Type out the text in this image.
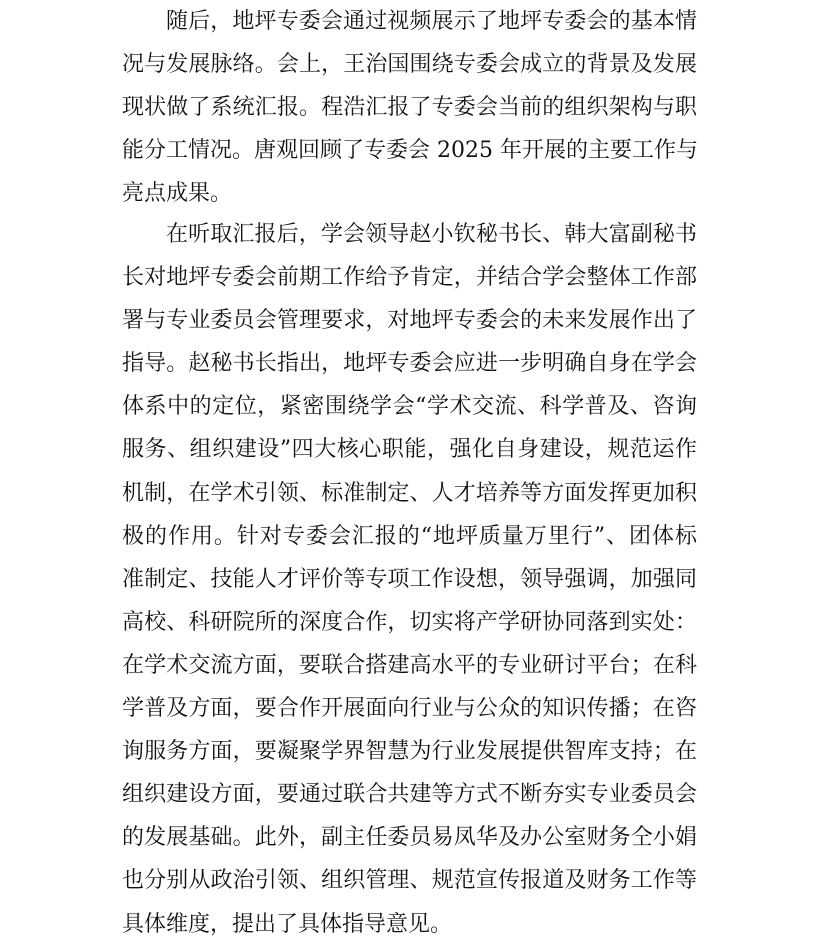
随后，地坪专委会通过视频展示了地坪专委会的基本情
况与发展脉络。会上，王治国围绕专委会成立的背景及发展
现状做了系统汇报。程浩汇报了专委会当前的组织架构与职
能分工情况。唐观回顾了专委会 2025 年开展的主要工作与
亮点成果。
在听取汇报后，学会领导赵小钦秘书长、韩大富副秘书
长对地坪专委会前期工作给予肯定，并结合学会整体工作部
署与专业委员会管理要求，对地坪专委会的未来发展作出了
指导。赵秘书长指出，地坪专委会应进一步明确自身在学会
体系中的定位，紧密围绕学会“学术交流、科学普及、咨询
服务、组织建设”四大核心职能，强化自身建设，规范运作
机制，在学术引领、标准制定、人才培养等方面发挥更加积
极的作用。针对专委会汇报的“地坪质量万里行”、团体标
准制定、技能人才评价等专项工作设想，领导强调，加强同
高校、科研院所的深度合作，切实将产学研协同落到实处：
在学术交流方面，要联合搭建高水平的专业研讨平台；在科
学普及方面，要合作开展面向行业与公众的知识传播；在咨
询服务方面，要凝聚学界智慧为行业发展提供智库支持；在
组织建设方面，要通过联合共建等方式不断夯实专业委员会
的发展基础。此外，副主任委员易凤华及办公室财务仝小娟
也分别从政治引领、组织管理、规范宣传报道及财务工作等
具体维度，提出了具体指导意见。
